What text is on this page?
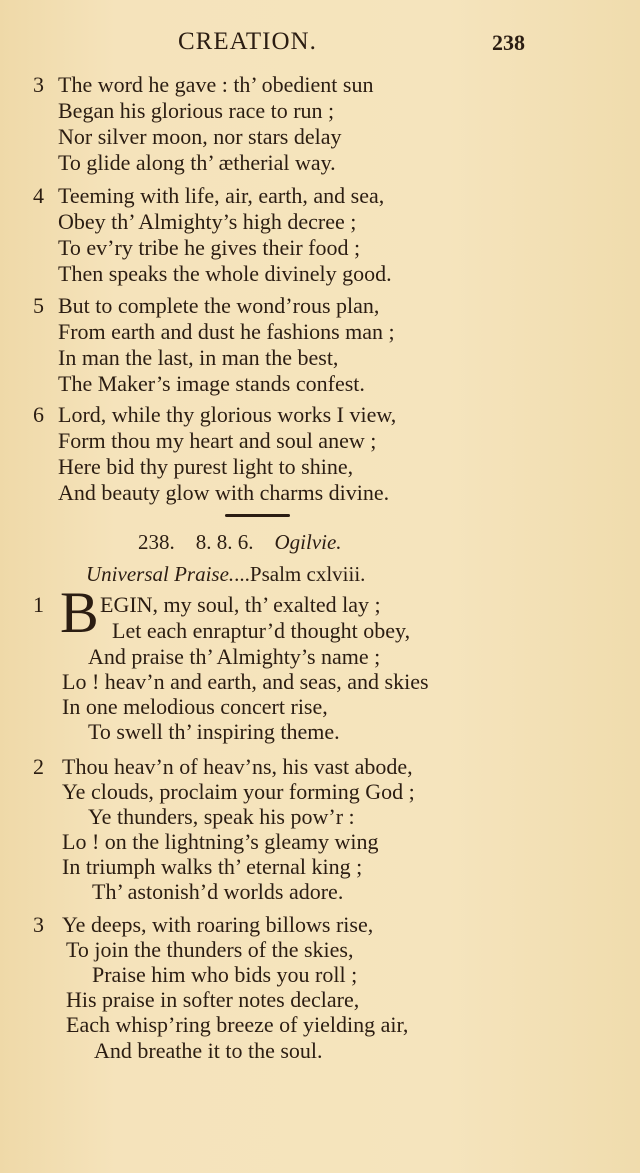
CREATION.	238
3 The word he gave : th’ obedient sun
Began his glorious race to run ;
Nor silver moon, nor stars delay
To glide along th’ ætherial way.
4 Teeming with life, air, earth, and sea,
Obey th’ Almighty’s high decree ;
To ev’ry tribe he gives their food ;
Then speaks the whole divinely good.
5 But to complete the wond’rous plan,
From earth and dust he fashions man ;
In man the last, in man the best,
The Maker’s image stands confest.
6 Lord, while thy glorious works I view,
Form thou my heart and soul anew ;
Here bid thy purest light to shine,
And beauty glow with charms divine.
238. 8. 8. 6. Ogilvie.
Universal Praise....Psalm cxlviii.
1 B EGIN, my soul, th’ exalted lay ;
Let each enraptur’d thought obey,
And praise th’ Almighty’s name ;
Lo ! heav’n and earth, and seas, and skies
In one melodious concert rise,
To swell th’ inspiring theme.
2 Thou heav’n of heav’ns, his vast abode,
Ye clouds, proclaim your forming God ;
Ye thunders, speak his pow’r :
Lo ! on the lightning’s gleamy wing
In triumph walks th’ eternal king ;
Th’ astonish’d worlds adore.
3 Ye deeps, with roaring billows rise,
To join the thunders of the skies,
Praise him who bids you roll ;
His praise in softer notes declare,
Each whisp’ring breeze of yielding air,
And breathe it to the soul.
